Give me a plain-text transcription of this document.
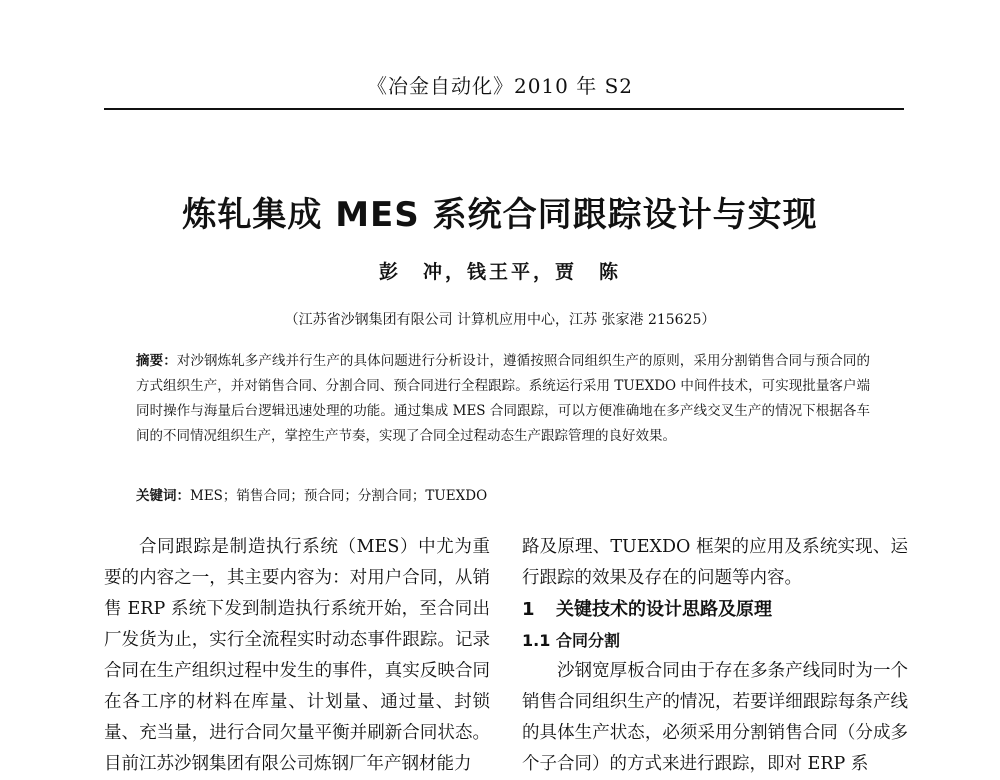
《冶金自动化》2010 年 S2
炼轧集成 MES 系统合同跟踪设计与实现
彭　冲，钱王平，贾　陈
（江苏省沙钢集团有限公司 计算机应用中心，江苏 张家港 215625）
摘要：对沙钢炼轧多产线并行生产的具体问题进行分析设计，遵循按照合同组织生产的原则，采用分割销售合同与预合同的方式组织生产，并对销售合同、分割合同、预合同进行全程跟踪。系统运行采用 TUEXDO 中间件技术，可实现批量客户端同时操作与海量后台逻辑迅速处理的功能。通过集成 MES 合同跟踪，可以方便准确地在多产线交叉生产的情况下根据各车间的不同情况组织生产，掌控生产节奏，实现了合同全过程动态生产跟踪管理的良好效果。
关键词：MES；销售合同；预合同；分割合同；TUEXDO

合同跟踪是制造执行系统（MES）中尤为重要的内容之一，其主要内容为：对用户合同，从销售 ERP 系统下发到制造执行系统开始，至合同出厂发货为止，实行全流程实时动态事件跟踪。记录合同在生产组织过程中发生的事件，真实反映合同在各工序的材料在库量、计划量、通过量、封锁量、充当量，进行合同欠量平衡并刷新合同状态。目前江苏沙钢集团有限公司炼钢厂年产钢材能力

路及原理、TUEXDO 框架的应用及系统实现、运行跟踪的效果及存在的问题等内容。

1 关键技术的设计思路及原理

1.1 合同分割

沙钢宽厚板合同由于存在多条产线同时为一个销售合同组织生产的情况，若要详细跟踪每条产线的具体生产状态，必须采用分割销售合同（分成多个子合同）的方式来进行跟踪，即对 ERP 系
